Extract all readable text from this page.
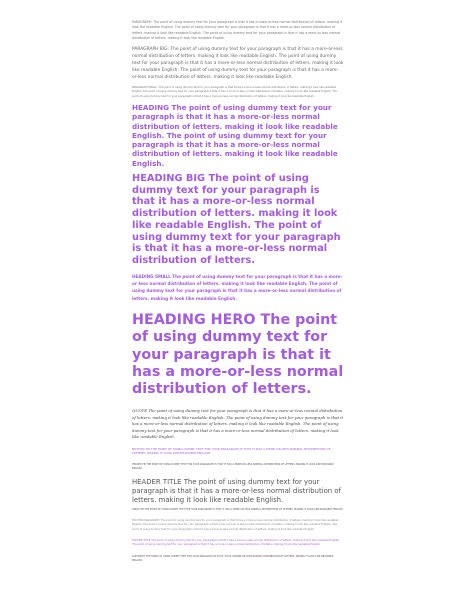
PARAGRAPH: The point of using dummy text for your paragraph is that it has a more-or-less normal distribution of letters. making it look like readable English. The point of using dummy text for your paragraph is that it has a more-or-less normal distribution of letters. making it look like readable English. The point of using dummy text for your paragraph is that it has a more-or-less normal distribution of letters. making it look like readable English.

PARAGRAPH BIG: The point of using dummy text for your paragraph is that it has a more-or-less normal distribution of letters. making it look like readable English. The point of using dummy text for your paragraph is that it has a more-or-less normal distribution of letters. making it look like readable English. The point of using dummy text for your paragraph is that it has a more-or-less normal distribution of letters. making it look like readable English.

PARAGRAPH SMALL: The point of using dummy text for your paragraph is that it has a more-or-less normal distribution of letters. making it look like readable English. The point of using dummy text for your paragraph is that it has a more-or-less normal distribution of letters. making it look like readable English. The point of using dummy text for your paragraph is that it has a more-or-less normal distribution of letters. making it look like readable English.

HEADING The point of using dummy text for your paragraph is that it has a more-or-less normal distribution of letters. making it look like readable English. The point of using dummy text for your paragraph is that it has a more-or-less normal distribution of letters. making it look like readable English.
HEADING BIG The point of using dummy text for your paragraph is that it has a more-or-less normal distribution of letters. making it look like readable English. The point of using dummy text for your paragraph is that it has a more-or-less normal distribution of letters.
HEADING SMALL The point of using dummy text for your paragraph is that it has a more-or-less normal distribution of letters. making it look like readable English. The point of using dummy text for your paragraph is that it has a more-or-less normal distribution of letters. making it look like readable English.
HEADING HERO The point of using dummy text for your paragraph is that it has a more-or-less normal distribution of letters.
QUOTE The point of using dummy text for your paragraph is that it has a more-or-less normal distribution of letters. making it look like readable English. The point of using dummy text for your paragraph is that it has a more-or-less normal distribution of letters. making it look like readable English. The point of using dummy text for your paragraph is that it has a more-or-less normal distribution of letters. making it look like readable English.

BUTTON TIP THE POINT OF USING DUMMY TEXT FOR YOUR PARAGRAPH IS THAT IT HAS A MORE-OR-LESS NORMAL DISTRIBUTION OF LETTERS. MAKING IT LOOK LIKE READABLE ENGLISH.

HEADER TIP THE POINT OF USING DUMMY TEXT FOR YOUR PARAGRAPH IS THAT IT HAS A MORE-OR-LESS NORMAL DISTRIBUTION OF LETTERS. MAKING IT LOOK LIKE READABLE ENGLISH.

HEADER TITLE The point of using dummy text for your paragraph is that it has a more-or-less normal distribution of letters. making it look like readable English.

AREAS TIP THE POINT OF USING DUMMY TEXT FOR YOUR PARAGRAPH IS THAT IT HAS A MORE-OR-LESS NORMAL DISTRIBUTION OF LETTERS. MAKING IT LOOK LIKE READABLE ENGLISH.

FOOTER PARAGRAPH: The point of using dummy text for your paragraph is that it has a more-or-less normal distribution of letters. making it look like readable English. The point of using dummy text for your paragraph is that it has a more-or-less normal distribution of letters. making it look like readable English. The point of using dummy text for your paragraph is that it has a more-or-less normal distribution of letters. making it look like readable English.

FOOTER TITLE The point of using dummy text for your paragraph is that it has a more-or-less normal distribution of letters. making it look like readable English. The point of using dummy text for your paragraph is that it has a more-or-less normal distribution of letters. making it look like readable English.

COPYRIGHT THE POINT OF USING DUMMY TEXT FOR YOUR PARAGRAPH IS THAT IT HAS A MORE-OR-LESS NORMAL DISTRIBUTION OF LETTERS. MAKING IT LOOK LIKE READABLE ENGLISH.
